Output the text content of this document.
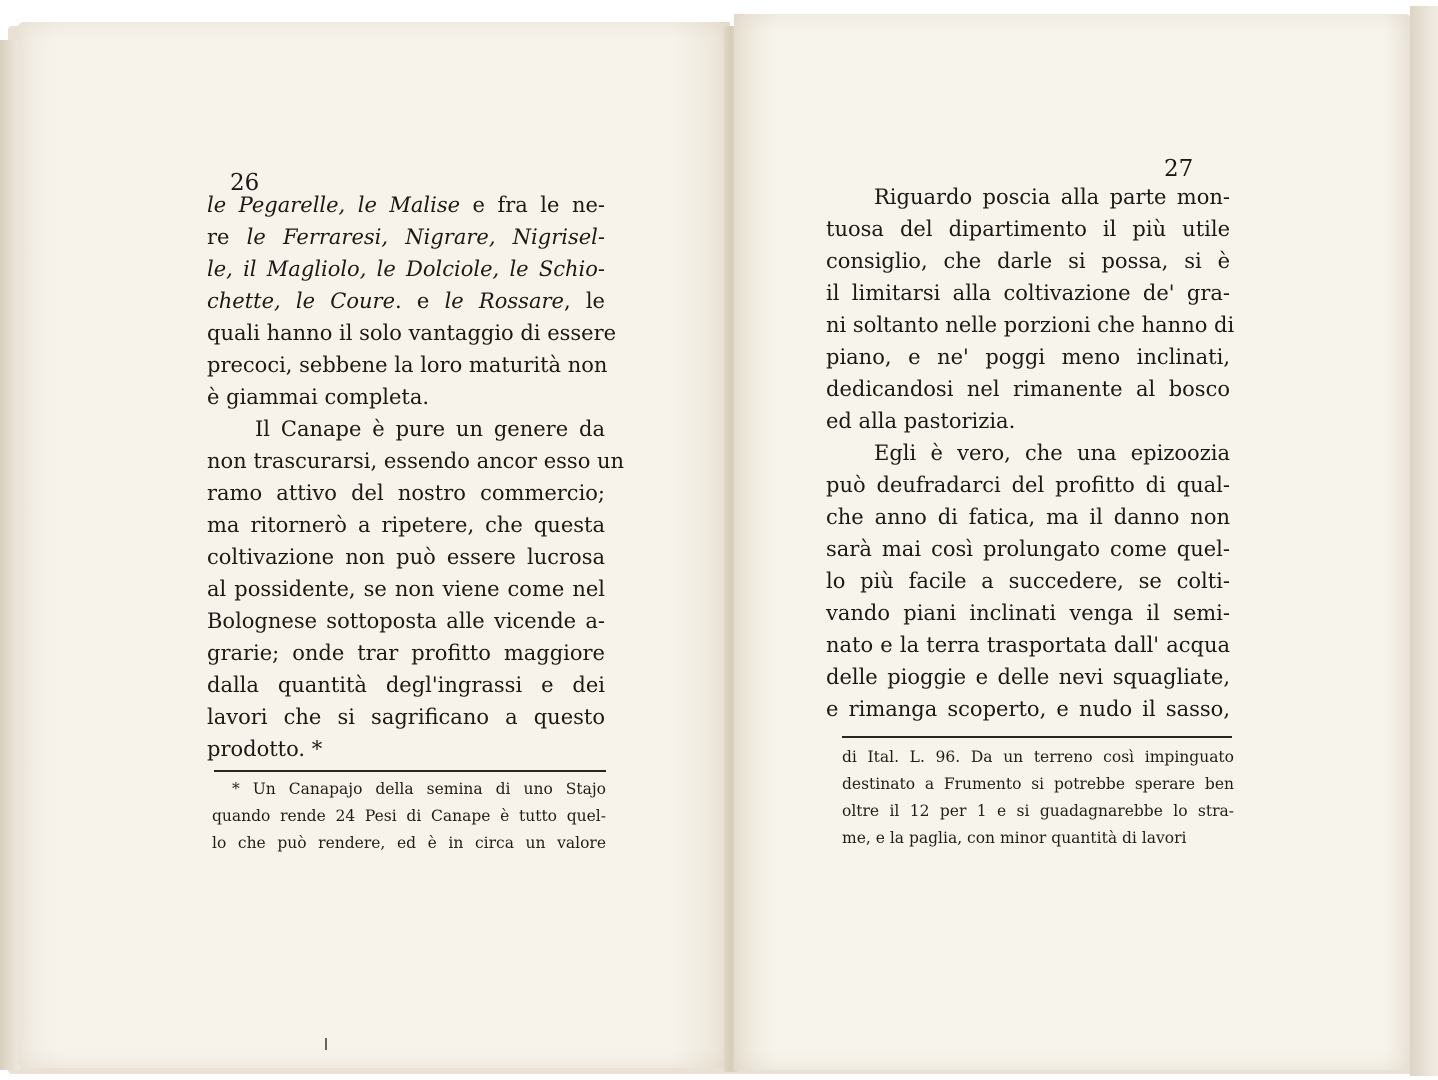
26
le Pegarelle, le Malise e fra le ne-
re le Ferraresi, Nigrare, Nigrisel-
le, il Magliolo, le Dolciole, le Schio-
chette, le Coure. e le Rossare, le
quali hanno il solo vantaggio di essere
precoci, sebbene la loro maturità non
è giammai completa.
Il Canape è pure un genere da
non trascurarsi, essendo ancor esso un
ramo attivo del nostro commercio;
ma ritornerò a ripetere, che questa
coltivazione non può essere lucrosa
al possidente, se non viene come nel
Bolognese sottoposta alle vicende a-
grarie; onde trar profitto maggiore
dalla quantità degl'ingrassi e dei
lavori che si sagrificano a questo
prodotto. *
* Un Canapajo della semina di uno Stajo
quando rende 24 Pesi di Canape è tutto quel-
lo che può rendere, ed è in circa un valore
27
Riguardo poscia alla parte mon-
tuosa del dipartimento il più utile
consiglio, che darle si possa, si è
il limitarsi alla coltivazione de' gra-
ni soltanto nelle porzioni che hanno di
piano, e ne' poggi meno inclinati,
dedicandosi nel rimanente al bosco
ed alla pastorizia.
Egli è vero, che una epizoozia
può deufradarci del profitto di qual-
che anno di fatica, ma il danno non
sarà mai così prolungato come quel-
lo più facile a succedere, se colti-
vando piani inclinati venga il semi-
nato e la terra trasportata dall' acqua
delle pioggie e delle nevi squagliate,
e rimanga scoperto, e nudo il sasso,
di Ital. L. 96. Da un terreno così impinguato
destinato a Frumento si potrebbe sperare ben
oltre il 12 per 1 e si guadagnarebbe lo stra-
me, e la paglia, con minor quantità di lavori
